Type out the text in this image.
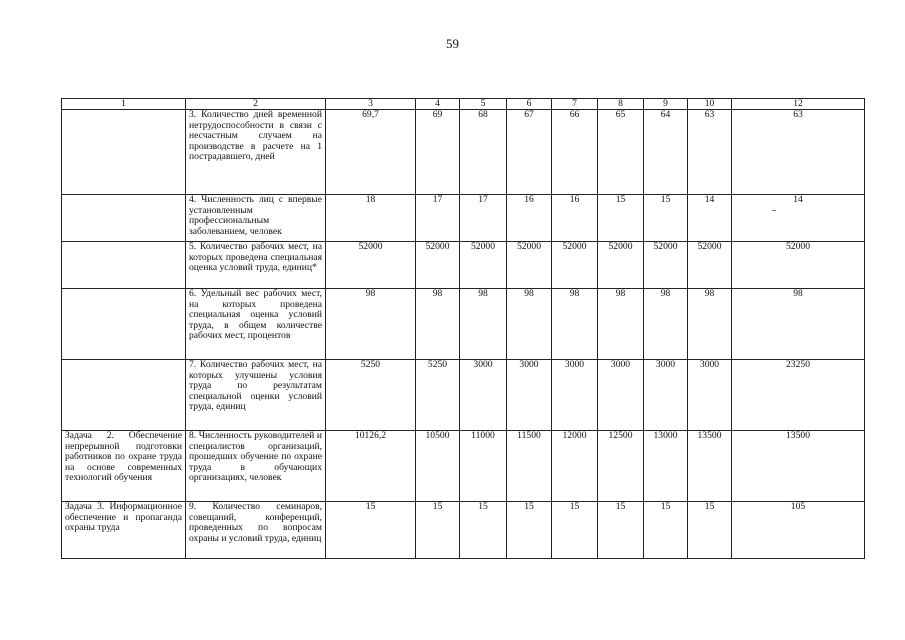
59
1	2	3	4	5	6	7	8	9	10	12
	3. Количество дней временной нетрудоспособности в связи с несчастным случаем на производстве в расчете на 1 пострадавшего, дней	69,7	69	68	67	66	65	64	63	63
	4. Численность лиц с впервые установленным профессиональным заболеванием, человек	18	17	17	16	16	15	15	14	14
	5. Количество рабочих мест, на которых проведена специальная оценка условий труда, единиц*	52000	52000	52000	52000	52000	52000	52000	52000	52000
	6. Удельный вес рабочих мест, на которых проведена специальная оценка условий труда, в общем количестве рабочих мест, процентов	98	98	98	98	98	98	98	98	98
	7. Количество рабочих мест, на которых улучшены условия труда по результатам специальной оценки условий труда, единиц	5250	5250	3000	3000	3000	3000	3000	3000	23250
Задача 2. Обеспечение непрерывной подготовки работников по охране труда на основе современных технологий обучения	8. Численность руководителей и специалистов организаций, прошедших обучение по охране труда в обучающих организациях, человек	10126,2	10500	11000	11500	12000	12500	13000	13500	13500
Задача 3. Информационное обеспечение и пропаганда охраны труда	9. Количество семинаров, совещаний, конференций, проведенных по вопросам охраны и условий труда, единиц	15	15	15	15	15	15	15	15	105
